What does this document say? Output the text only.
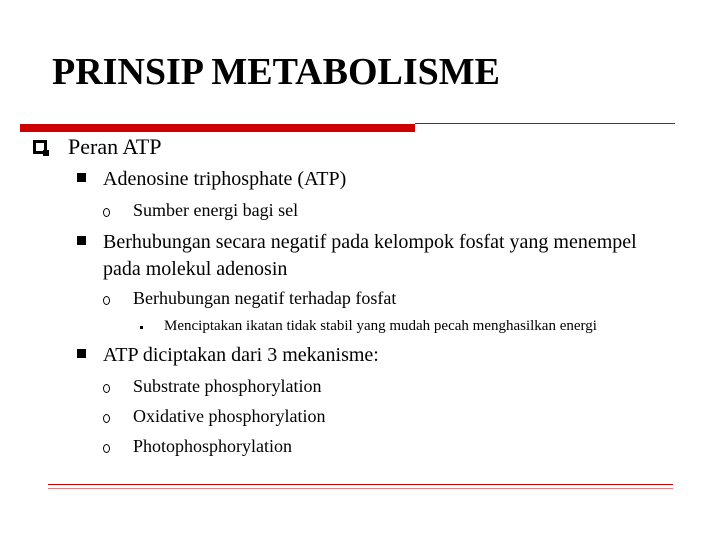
PRINSIP METABOLISME
Peran ATP
Adenosine triphosphate (ATP)
Sumber energi bagi sel
Berhubungan secara negatif pada kelompok fosfat yang menempel
pada molekul adenosin
Berhubungan negatif terhadap fosfat
Menciptakan ikatan tidak stabil yang mudah pecah menghasilkan energi
ATP diciptakan dari 3 mekanisme:
Substrate phosphorylation
Oxidative phosphorylation
Photophosphorylation
